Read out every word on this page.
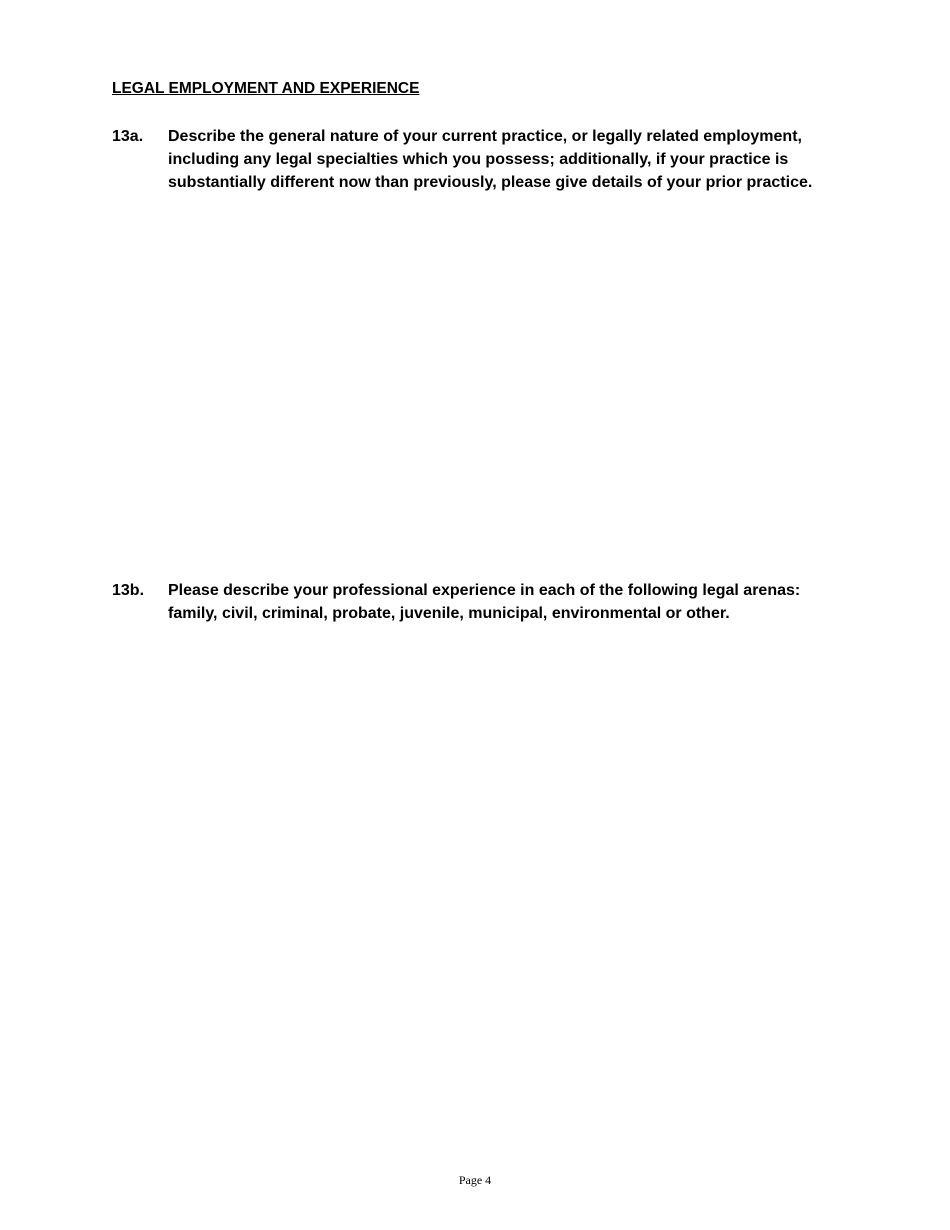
LEGAL EMPLOYMENT AND EXPERIENCE
13a. Describe the general nature of your current practice, or legally related employment, including any legal specialties which you possess; additionally, if your practice is substantially different now than previously, please give details of your prior practice.
13b. Please describe your professional experience in each of the following legal arenas: family, civil, criminal, probate, juvenile, municipal, environmental or other.
Page 4
